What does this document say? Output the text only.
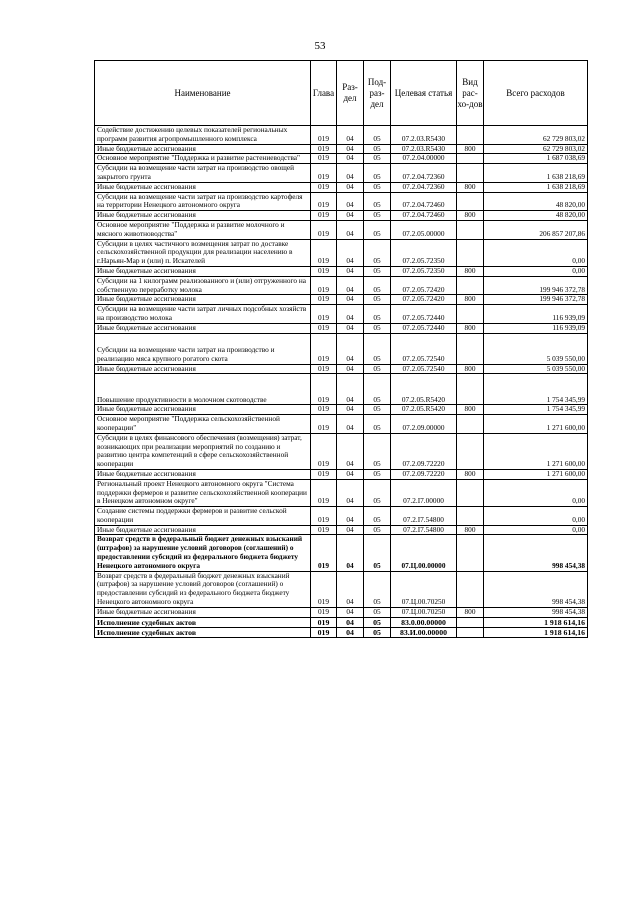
53
Наименование	Глава	Раз-дел	Под-раз-дел	Целевая статья	Вид рас-хо-дов	Всего расходов
Содействие достижению целевых показателей региональных программ развития агропромышленного комплекса	019	04	05	07.2.03.R5430		62 729 803,02
Иные бюджетные ассигнования	019	04	05	07.2.03.R5430	800	62 729 803,02
Основное мероприятие "Поддержка и развитие растениеводства"	019	04	05	07.2.04.00000		1 687 038,69
Субсидии на возмещение части затрат на производство овощей закрытого грунта	019	04	05	07.2.04.72360		1 638 218,69
Иные бюджетные ассигнования	019	04	05	07.2.04.72360	800	1 638 218,69
Субсидии на возмещение части затрат на производство картофеля на территории Ненецкого автономного округа	019	04	05	07.2.04.72460		48 820,00
Иные бюджетные ассигнования	019	04	05	07.2.04.72460	800	48 820,00
Основное мероприятие "Поддержка и развитие молочного и мясного животноводства"	019	04	05	07.2.05.00000		206 857 207,86
Субсидии в целях частичного возмещения затрат по доставке сельскохозяйственной продукции для реализации населению в г.Нарьян-Мар и (или) п. Искателей	019	04	05	07.2.05.72350		0,00
Иные бюджетные ассигнования	019	04	05	07.2.05.72350	800	0,00
Субсидии на 1 килограмм реализованного и (или) отгруженного на собственную переработку молока	019	04	05	07.2.05.72420		199 946 372,78
Иные бюджетные ассигнования	019	04	05	07.2.05.72420	800	199 946 372,78
Субсидии на возмещение части затрат личных подсобных хозяйств на производство молока	019	04	05	07.2.05.72440		116 939,09
Иные бюджетные ассигнования	019	04	05	07.2.05.72440	800	116 939,09
Субсидии на возмещение части затрат на производство и реализацию мяса крупного рогатого скота	019	04	05	07.2.05.72540		5 039 550,00
Иные бюджетные ассигнования	019	04	05	07.2.05.72540	800	5 039 550,00
Повышение продуктивности в молочном скотоводстве	019	04	05	07.2.05.R5420		1 754 345,99
Иные бюджетные ассигнования	019	04	05	07.2.05.R5420	800	1 754 345,99
Основное мероприятие "Поддержка сельскохозяйственной кооперации"	019	04	05	07.2.09.00000		1 271 600,00
Субсидии в целях финансового обеспечения (возмещения) затрат, возникающих при реализации мероприятий по созданию и развитию центра компетенций в сфере сельскохозяйственной кооперации	019	04	05	07.2.09.72220		1 271 600,00
Иные бюджетные ассигнования	019	04	05	07.2.09.72220	800	1 271 600,00
Региональный проект Ненецкого автономного округа "Система поддержки фермеров и развитие сельскохозяйственной кооперации в Ненецком автономном округе"	019	04	05	07.2.I7.00000		0,00
Создание системы поддержки фермеров и развитие сельской кооперации	019	04	05	07.2.I7.54800		0,00
Иные бюджетные ассигнования	019	04	05	07.2.I7.54800	800	0,00
Возврат средств в федеральный бюджет денежных взысканий (штрафов) за нарушение условий договоров (соглашений) о предоставлении субсидий из федерального бюджета бюджету Ненецкого автономного округа	019	04	05	07.Ц.00.00000		998 454,38
Возврат средств в федеральный бюджет денежных взысканий (штрафов) за нарушение условий договоров (соглашений) о предоставлении субсидий из федерального бюджета бюджету Ненецкого автономного округа	019	04	05	07.Ц.00.70250		998 454,38
Иные бюджетные ассигнования	019	04	05	07.Ц.00.70250	800	998 454,38
Исполнение судебных актов	019	04	05	83.0.00.00000		1 918 614,16
Исполнение судебных актов	019	04	05	83.И.00.00000		1 918 614,16
